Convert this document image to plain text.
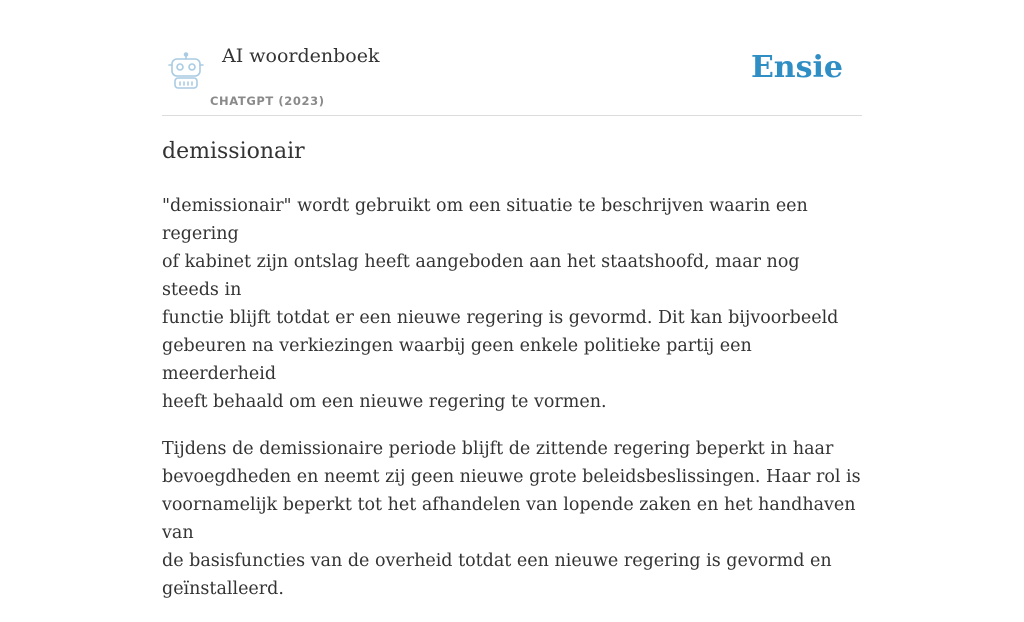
AI woordenboek
CHATGPT (2023)
Ensie
demissionair

"demissionair" wordt gebruikt om een situatie te beschrijven waarin een regering
of kabinet zijn ontslag heeft aangeboden aan het staatshoofd, maar nog steeds in
functie blijft totdat er een nieuwe regering is gevormd. Dit kan bijvoorbeeld
gebeuren na verkiezingen waarbij geen enkele politieke partij een meerderheid
heeft behaald om een nieuwe regering te vormen.

Tijdens de demissionaire periode blijft de zittende regering beperkt in haar
bevoegdheden en neemt zij geen nieuwe grote beleidsbeslissingen. Haar rol is
voornamelijk beperkt tot het afhandelen van lopende zaken en het handhaven van
de basisfuncties van de overheid totdat een nieuwe regering is gevormd en
geïnstalleerd.
